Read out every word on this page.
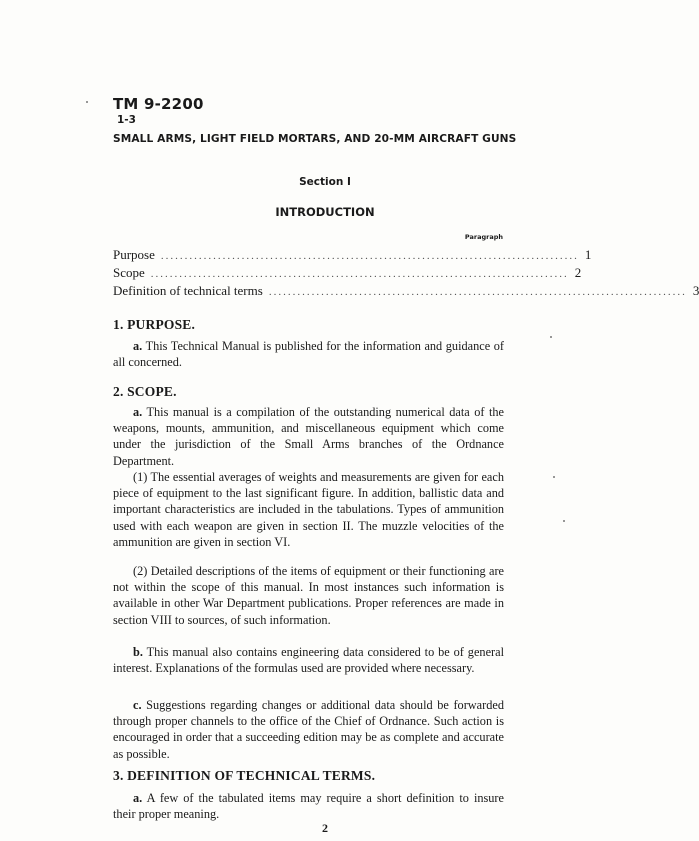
TM 9-2200
1-3
SMALL ARMS, LIGHT FIELD MORTARS, AND 20-MM AIRCRAFT GUNS
Section I
INTRODUCTION
Paragraph
Purpose ........................................................................................ 1
Scope ........................................................................................ 2
Definition of technical terms ........................................................................................ 3
1. PURPOSE.
a. This Technical Manual is published for the information and guidance of all concerned.
2. SCOPE.
a. This manual is a compilation of the outstanding numerical data of the weapons, mounts, ammunition, and miscellaneous equipment which come under the jurisdiction of the Small Arms branches of the Ordnance Department.
(1) The essential averages of weights and measurements are given for each piece of equipment to the last significant figure. In addition, ballistic data and important characteristics are included in the tabulations. Types of ammunition used with each weapon are given in section II. The muzzle velocities of the ammunition are given in section VI.
(2) Detailed descriptions of the items of equipment or their functioning are not within the scope of this manual. In most instances such information is available in other War Department publications. Proper references are made in section VIII to sources, of such information.
b. This manual also contains engineering data considered to be of general interest. Explanations of the formulas used are provided where necessary.
c. Suggestions regarding changes or additional data should be forwarded through proper channels to the office of the Chief of Ordnance. Such action is encouraged in order that a succeeding edition may be as complete and accurate as possible.
3. DEFINITION OF TECHNICAL TERMS.
a. A few of the tabulated items may require a short definition to insure their proper meaning.
2
